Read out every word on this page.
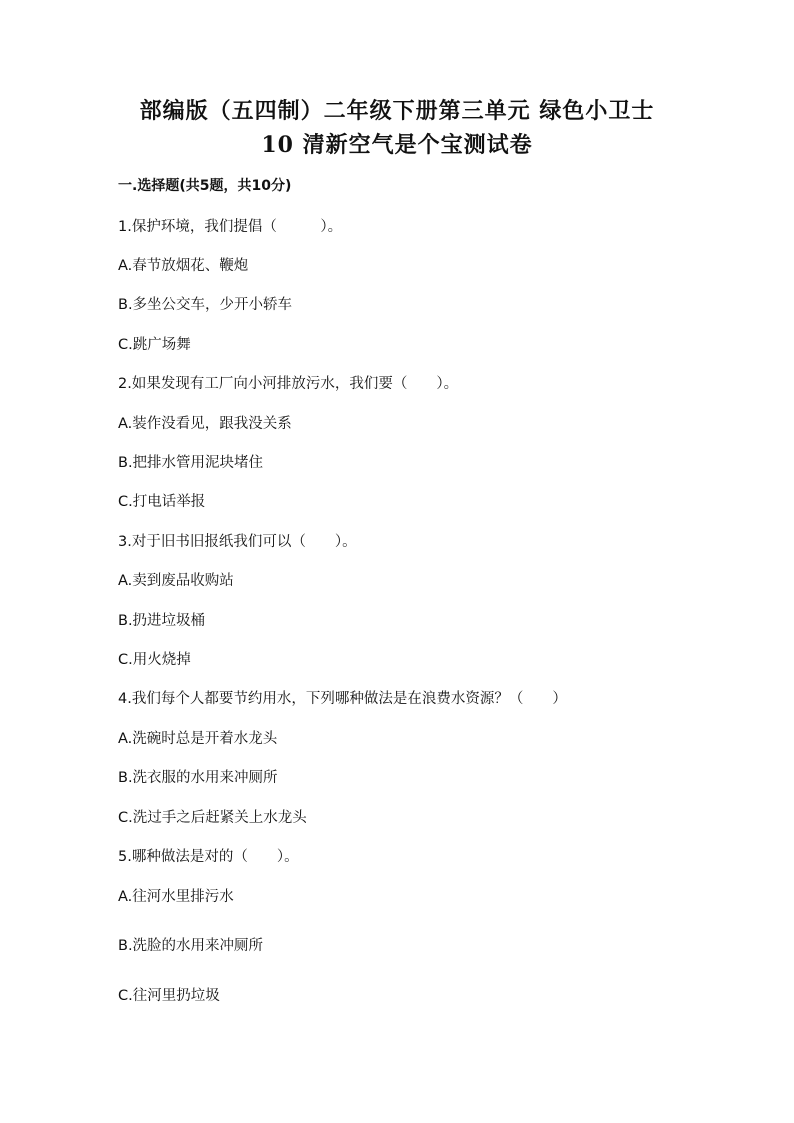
部编版（五四制）二年级下册第三单元 绿色小卫士
10 清新空气是个宝测试卷
一.选择题(共5题，共10分)
1.保护环境，我们提倡（　　　）。
A.春节放烟花、鞭炮
B.多坐公交车，少开小轿车
C.跳广场舞
2.如果发现有工厂向小河排放污水，我们要（　　）。
A.装作没看见，跟我没关系
B.把排水管用泥块堵住
C.打电话举报
3.对于旧书旧报纸我们可以（　　）。
A.卖到废品收购站
B.扔进垃圾桶
C.用火烧掉
4.我们每个人都要节约用水，下列哪种做法是在浪费水资源？（　　）
A.洗碗时总是开着水龙头
B.洗衣服的水用来冲厕所
C.洗过手之后赶紧关上水龙头
5.哪种做法是对的（　　）。
A.往河水里排污水
B.洗脸的水用来冲厕所
C.往河里扔垃圾
